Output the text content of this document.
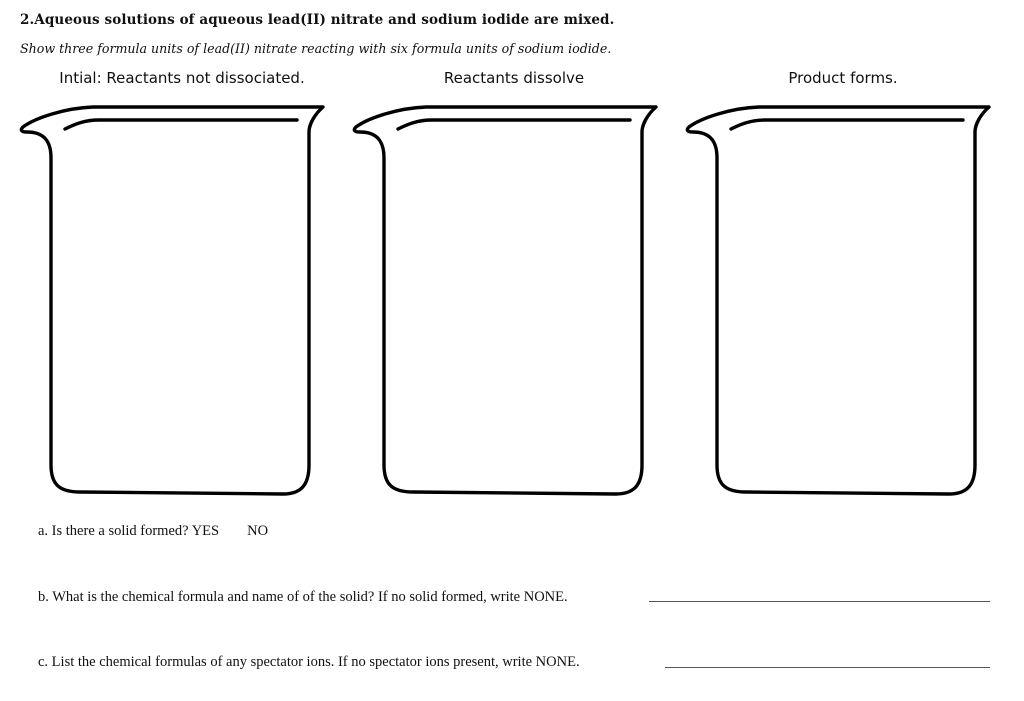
2.Aqueous solutions of aqueous lead(II) nitrate and sodium iodide are mixed.
Show three formula units of lead(II) nitrate reacting with six formula units of sodium iodide.
Intial: Reactants not dissociated.	Reactants dissolve	Product forms.
a. Is there a solid formed? YES NO
b. What is the chemical formula and name of of the solid? If no solid formed, write NONE.
c. List the chemical formulas of any spectator ions. If no spectator ions present, write NONE.
